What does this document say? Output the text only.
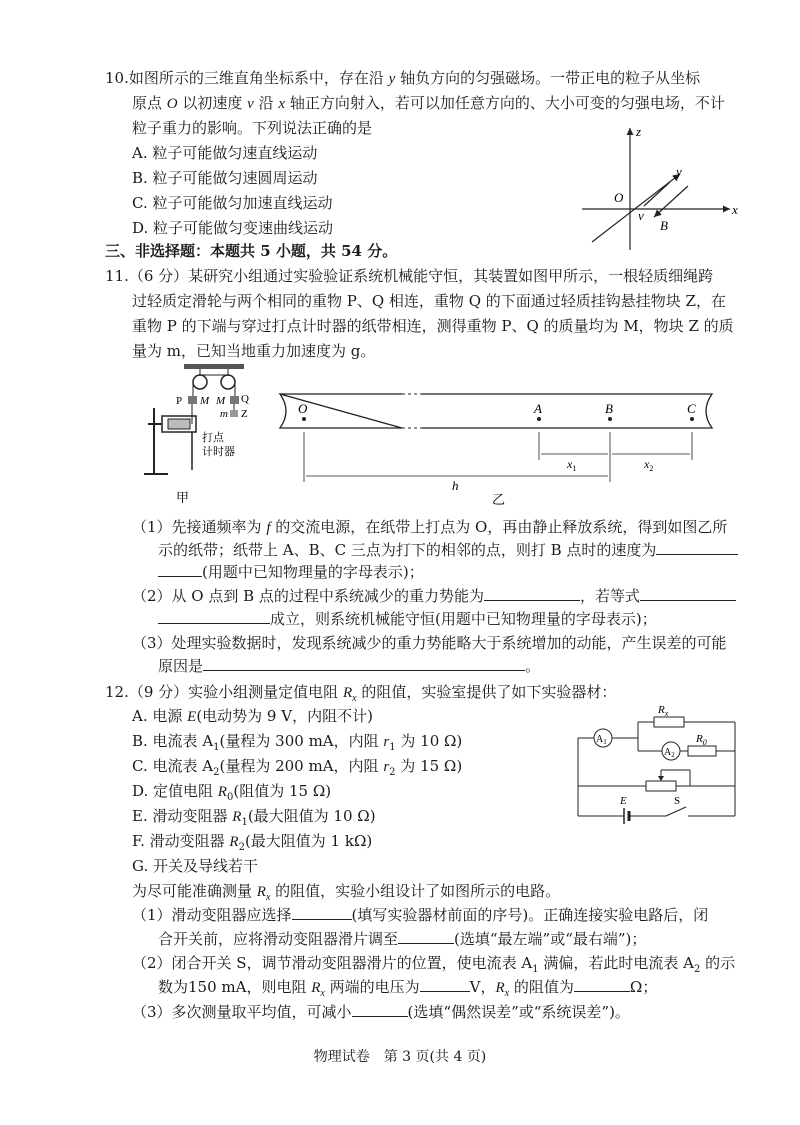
10.如图所示的三维直角坐标系中，存在沿 y 轴负方向的匀强磁场。一带正电的粒子从坐标
原点 O 以初速度 v 沿 x 轴正方向射入，若可以加任意方向的、大小可变的匀强电场，不计
粒子重力的影响。下列说法正确的是
A. 粒子可能做匀速直线运动
B. 粒子可能做匀速圆周运动
C. 粒子可能做匀加速直线运动
D. 粒子可能做匀变速曲线运动
z
y
O
x
v
B
三、非选择题：本题共 5 小题，共 54 分。
11.（6 分）某研究小组通过实验验证系统机械能守恒，其装置如图甲所示，一根轻质细绳跨
过轻质定滑轮与两个相同的重物 P、Q 相连，重物 Q 的下面通过轻质挂钩悬挂物块 Z，在
重物 P 的下端与穿过打点计时器的纸带相连，测得重物 P、Q 的质量均为 M，物块 Z 的质
量为 m，已知当地重力加速度为 g。
P M M Q
m Z
打点
计时器
甲
O	A	B	C
$x_1$	$x_2$
h
乙
（1）先接通频率为 f 的交流电源，在纸带上打点为 O，再由静止释放系统，得到如图乙所
示的纸带；纸带上 A、B、C 三点为打下的相邻的点，则打 B 点时的速度为
(用题中已知物理量的字母表示)；
（2）从 O 点到 B 点的过程中系统减少的重力势能为	，若等式
成立，则系统机械能守恒(用题中已知物理量的字母表示)；
（3）处理实验数据时，发现系统减少的重力势能略大于系统增加的动能，产生误差的可能
原因是	。
12.（9 分）实验小组测量定值电阻 $R_x$ 的阻值，实验室提供了如下实验器材：
A. 电源 E(电动势为 9 V，内阻不计)
B. 电流表 $A_1$(量程为 300 mA，内阻 $r_1$ 为 10 Ω)
C. 电流表 $A_2$(量程为 200 mA，内阻 $r_2$ 为 15 Ω)
D. 定值电阻 $R_0$(阻值为 15 Ω)
E. 滑动变阻器 $R_1$(最大阻值为 10 Ω)
F. 滑动变阻器 $R_2$(最大阻值为 1 kΩ)
G. 开关及导线若干
为尽可能准确测量 $R_x$ 的阻值，实验小组设计了如图所示的电路。
$A_1$
$R_x$
$A_2$
$R_0$
E	S
（1）滑动变阻器应选择	(填写实验器材前面的序号)。正确连接实验电路后，闭
合开关前，应将滑动变阻器滑片调至	(选填“最左端”或“最右端”)；
（2）闭合开关 S，调节滑动变阻器滑片的位置，使电流表 $A_1$ 满偏，若此时电流表 $A_2$ 的示
数为150 mA，则电阻 $R_x$ 两端的电压为	V，$R_x$ 的阻值为	Ω；
（3）多次测量取平均值，可减小	(选填“偶然误差”或“系统误差”)。
物理试卷　第 3 页(共 4 页)
